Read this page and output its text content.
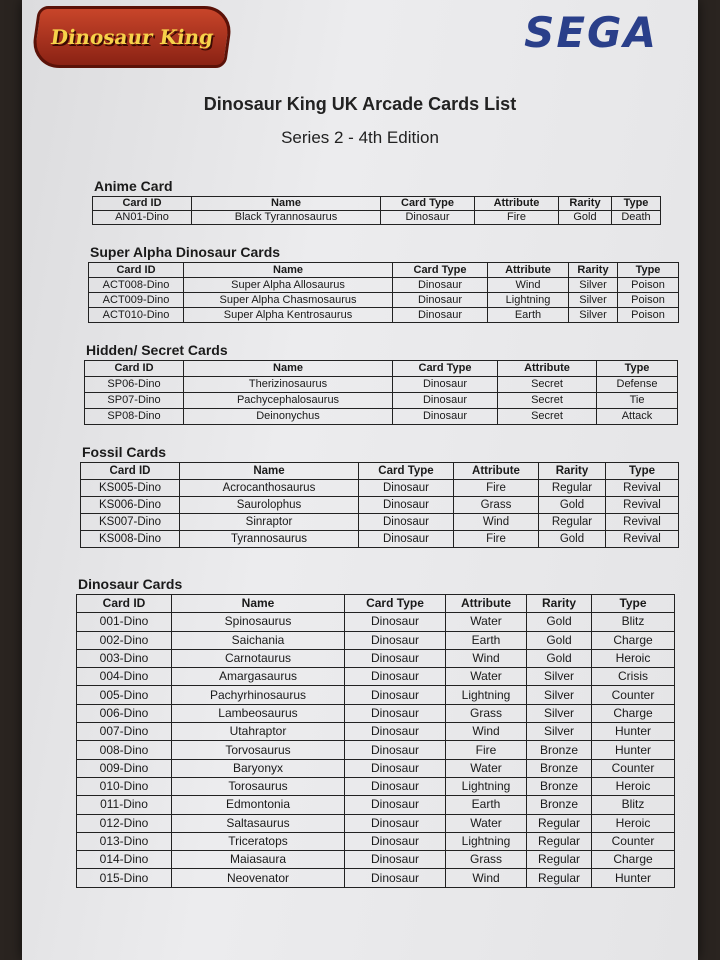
Dinosaur King	SEGA
Dinosaur King UK Arcade Cards List
Series 2 - 4th Edition
Anime Card
Card ID	Name	Card Type	Attribute	Rarity	Type
AN01-Dino	Black Tyrannosaurus	Dinosaur	Fire	Gold	Death
Super Alpha Dinosaur Cards
Card ID	Name	Card Type	Attribute	Rarity	Type
ACT008-Dino	Super Alpha Allosaurus	Dinosaur	Wind	Silver	Poison
ACT009-Dino	Super Alpha Chasmosaurus	Dinosaur	Lightning	Silver	Poison
ACT010-Dino	Super Alpha Kentrosaurus	Dinosaur	Earth	Silver	Poison
Hidden/ Secret Cards
Card ID	Name	Card Type	Attribute	Type
SP06-Dino	Therizinosaurus	Dinosaur	Secret	Defense
SP07-Dino	Pachycephalosaurus	Dinosaur	Secret	Tie
SP08-Dino	Deinonychus	Dinosaur	Secret	Attack
Fossil Cards
Card ID	Name	Card Type	Attribute	Rarity	Type
KS005-Dino	Acrocanthosaurus	Dinosaur	Fire	Regular	Revival
KS006-Dino	Saurolophus	Dinosaur	Grass	Gold	Revival
KS007-Dino	Sinraptor	Dinosaur	Wind	Regular	Revival
KS008-Dino	Tyrannosaurus	Dinosaur	Fire	Gold	Revival
Dinosaur Cards
Card ID	Name	Card Type	Attribute	Rarity	Type
001-Dino	Spinosaurus	Dinosaur	Water	Gold	Blitz
002-Dino	Saichania	Dinosaur	Earth	Gold	Charge
003-Dino	Carnotaurus	Dinosaur	Wind	Gold	Heroic
004-Dino	Amargasaurus	Dinosaur	Water	Silver	Crisis
005-Dino	Pachyrhinosaurus	Dinosaur	Lightning	Silver	Counter
006-Dino	Lambeosaurus	Dinosaur	Grass	Silver	Charge
007-Dino	Utahraptor	Dinosaur	Wind	Silver	Hunter
008-Dino	Torvosaurus	Dinosaur	Fire	Bronze	Hunter
009-Dino	Baryonyx	Dinosaur	Water	Bronze	Counter
010-Dino	Torosaurus	Dinosaur	Lightning	Bronze	Heroic
011-Dino	Edmontonia	Dinosaur	Earth	Bronze	Blitz
012-Dino	Saltasaurus	Dinosaur	Water	Regular	Heroic
013-Dino	Triceratops	Dinosaur	Lightning	Regular	Counter
014-Dino	Maiasaura	Dinosaur	Grass	Regular	Charge
015-Dino	Neovenator	Dinosaur	Wind	Regular	Hunter
